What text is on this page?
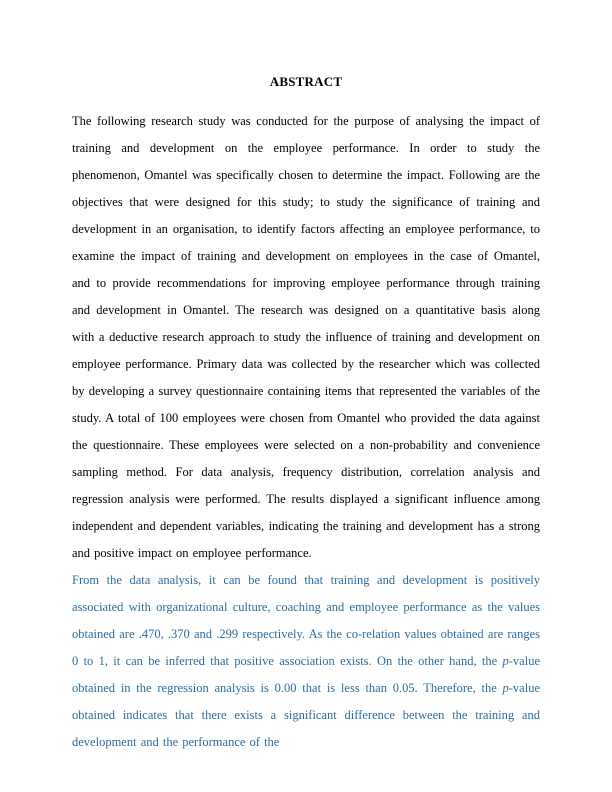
ABSTRACT

The following research study was conducted for the purpose of analysing the impact of training and development on the employee performance. In order to study the phenomenon, Omantel was specifically chosen to determine the impact. Following are the objectives that were designed for this study; to study the significance of training and development in an organisation, to identify factors affecting an employee performance, to examine the impact of training and development on employees in the case of Omantel, and to provide recommendations for improving employee performance through training and development in Omantel. The research was designed on a quantitative basis along with a deductive research approach to study the influence of training and development on employee performance. Primary data was collected by the researcher which was collected by developing a survey questionnaire containing items that represented the variables of the study. A total of 100 employees were chosen from Omantel who provided the data against the questionnaire. These employees were selected on a non-probability and convenience sampling method. For data analysis, frequency distribution, correlation analysis and regression analysis were performed. The results displayed a significant influence among independent and dependent variables, indicating the training and development has a strong and positive impact on employee performance.

From the data analysis, it can be found that training and development is positively associated with organizational culture, coaching and employee performance as the values obtained are .470, .370 and .299 respectively. As the co-relation values obtained are ranges 0 to 1, it can be inferred that positive association exists. On the other hand, the p-value obtained in the regression analysis is 0.00 that is less than 0.05. Therefore, the p-value obtained indicates that there exists a significant difference between the training and development and the performance of the
